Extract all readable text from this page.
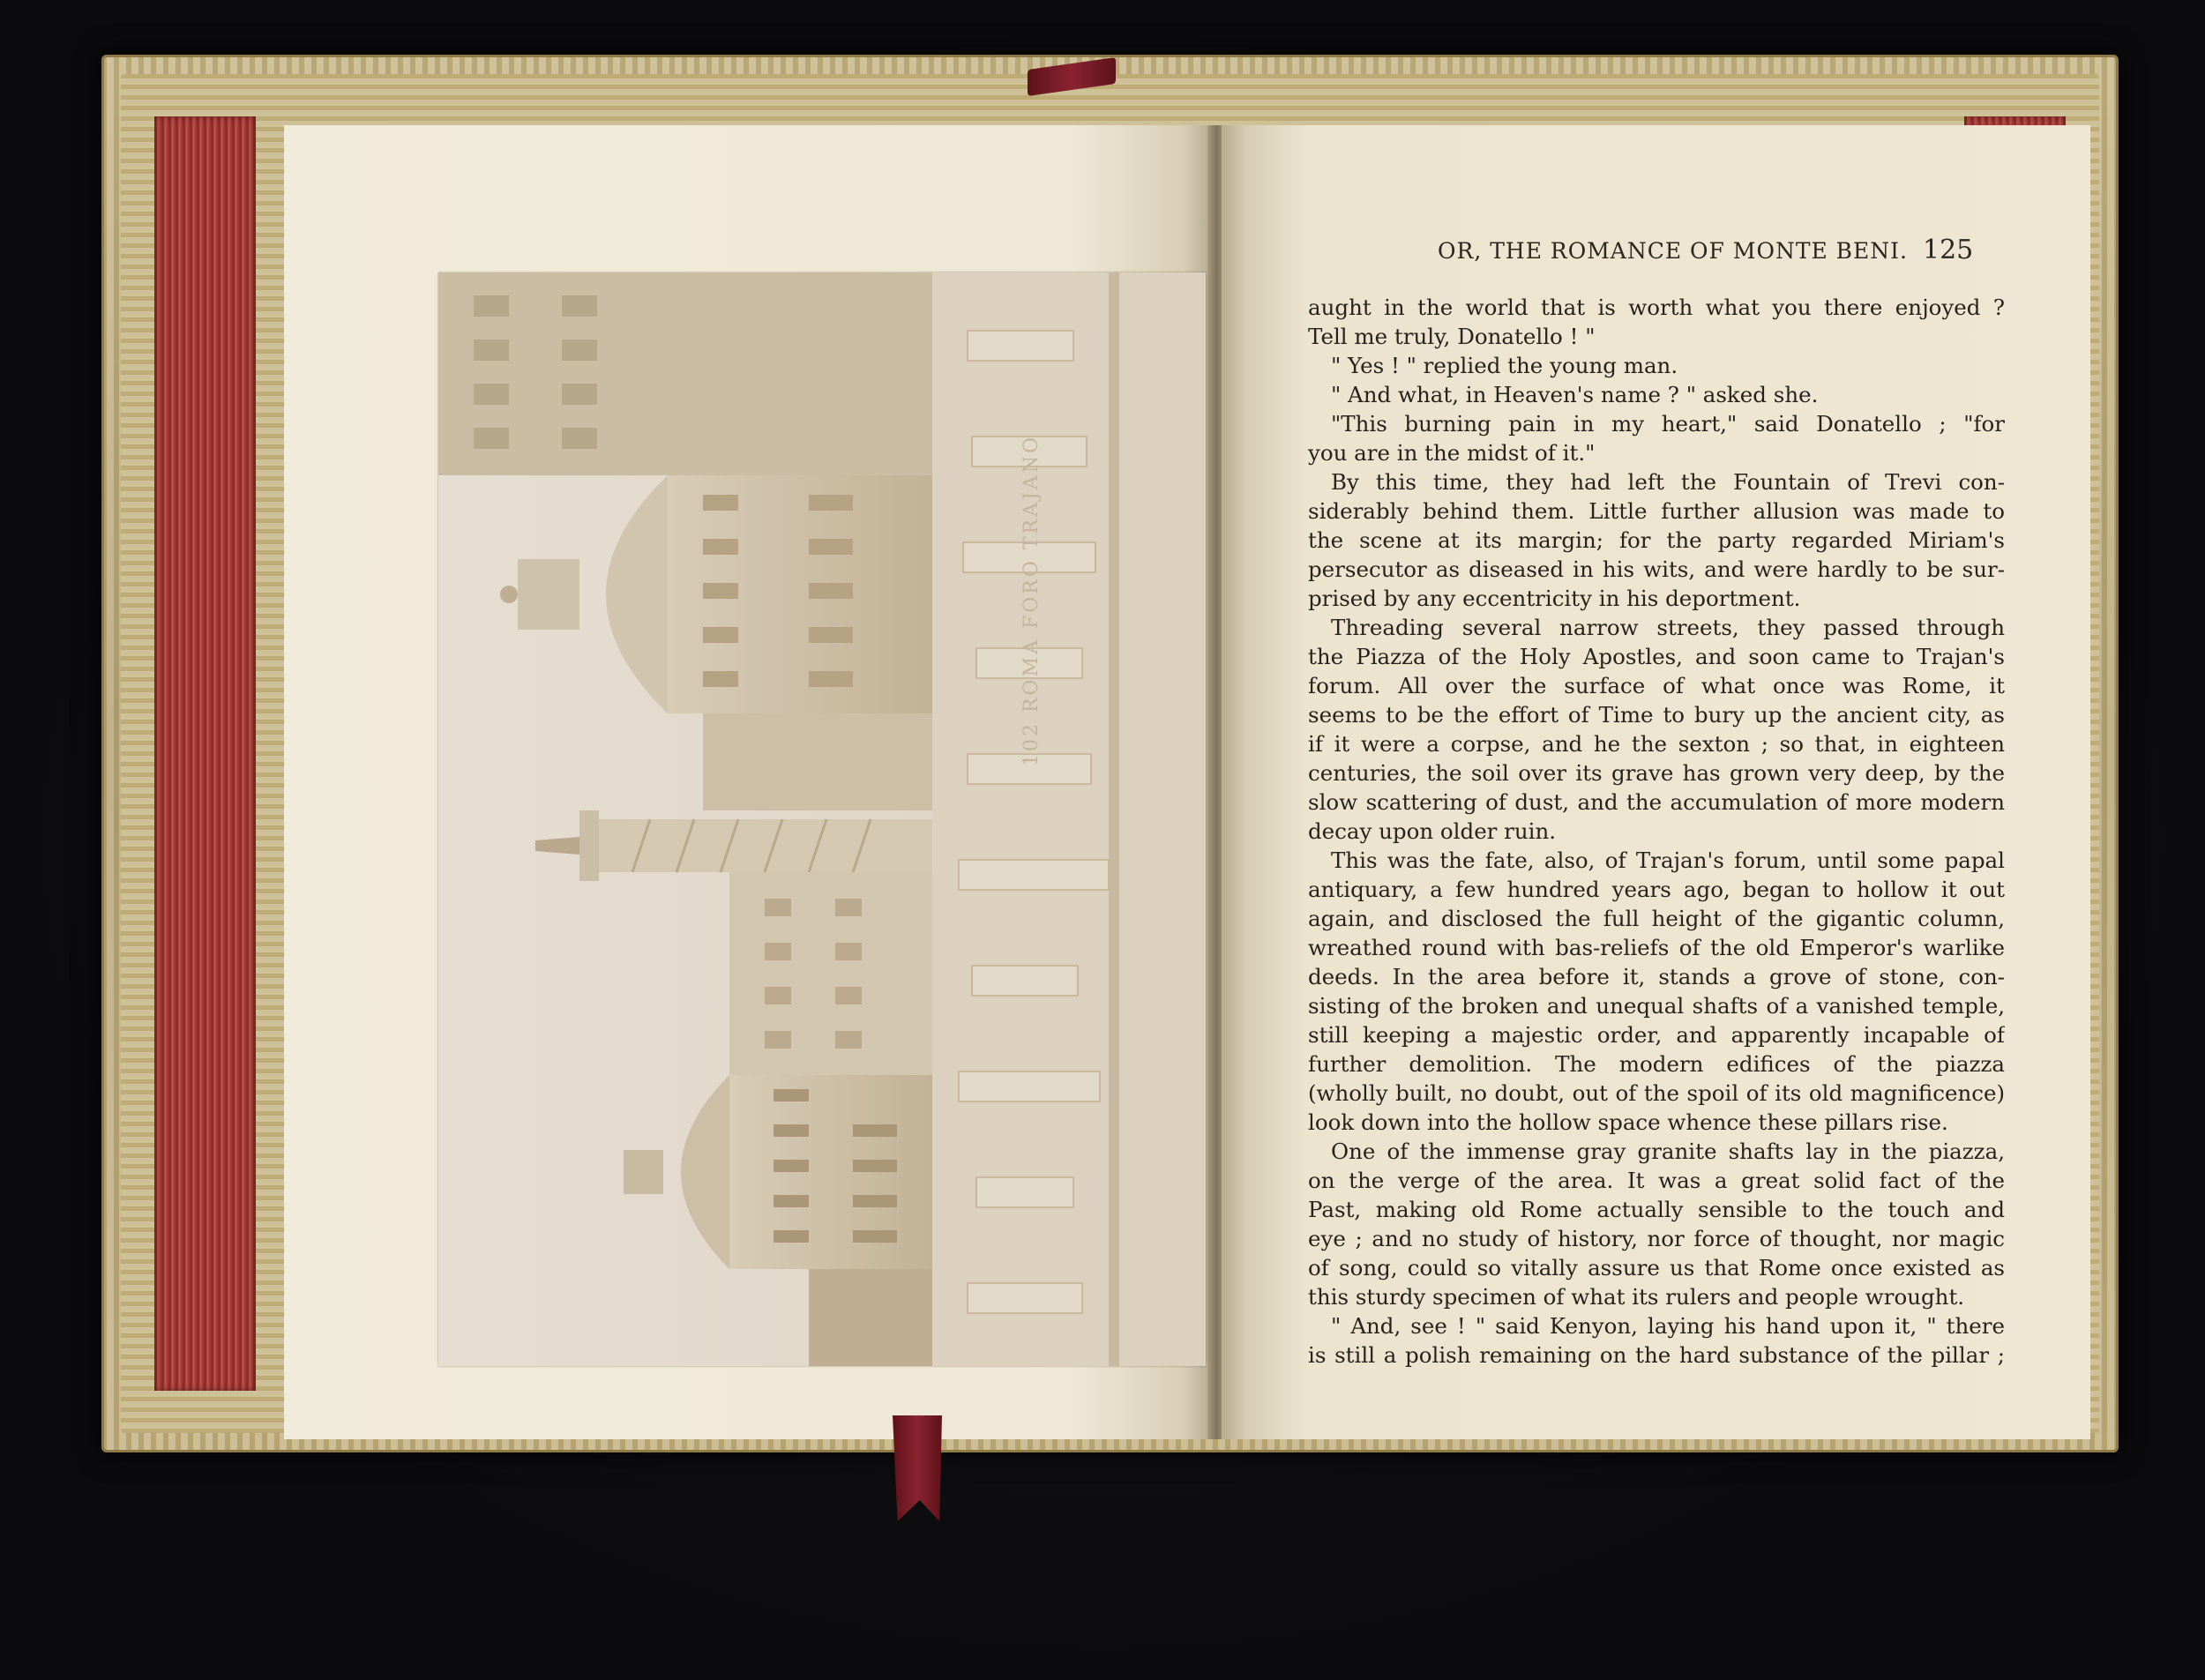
102 ROMA FORO TRAJANO
OR, THE ROMANCE OF MONTE BENI. 125
aught in the world that is worth what you there enjoyed ?
Tell me truly, Donatello ! "
" Yes ! " replied the young man.
" And what, in Heaven's name ? " asked she.
"This burning pain in my heart," said Donatello ; "for
you are in the midst of it."
By this time, they had left the Fountain of Trevi con-
siderably behind them. Little further allusion was made to
the scene at its margin; for the party regarded Miriam's
persecutor as diseased in his wits, and were hardly to be sur-
prised by any eccentricity in his deportment.
Threading several narrow streets, they passed through
the Piazza of the Holy Apostles, and soon came to Trajan's
forum. All over the surface of what once was Rome, it
seems to be the effort of Time to bury up the ancient city, as
if it were a corpse, and he the sexton ; so that, in eighteen
centuries, the soil over its grave has grown very deep, by the
slow scattering of dust, and the accumulation of more modern
decay upon older ruin.
This was the fate, also, of Trajan's forum, until some papal
antiquary, a few hundred years ago, began to hollow it out
again, and disclosed the full height of the gigantic column,
wreathed round with bas-reliefs of the old Emperor's warlike
deeds. In the area before it, stands a grove of stone, con-
sisting of the broken and unequal shafts of a vanished temple,
still keeping a majestic order, and apparently incapable of
further demolition. The modern edifices of the piazza
(wholly built, no doubt, out of the spoil of its old magnificence)
look down into the hollow space whence these pillars rise.
One of the immense gray granite shafts lay in the piazza,
on the verge of the area. It was a great solid fact of the
Past, making old Rome actually sensible to the touch and
eye ; and no study of history, nor force of thought, nor magic
of song, could so vitally assure us that Rome once existed as
this sturdy specimen of what its rulers and people wrought.
" And, see ! " said Kenyon, laying his hand upon it, " there
is still a polish remaining on the hard substance of the pillar ;
